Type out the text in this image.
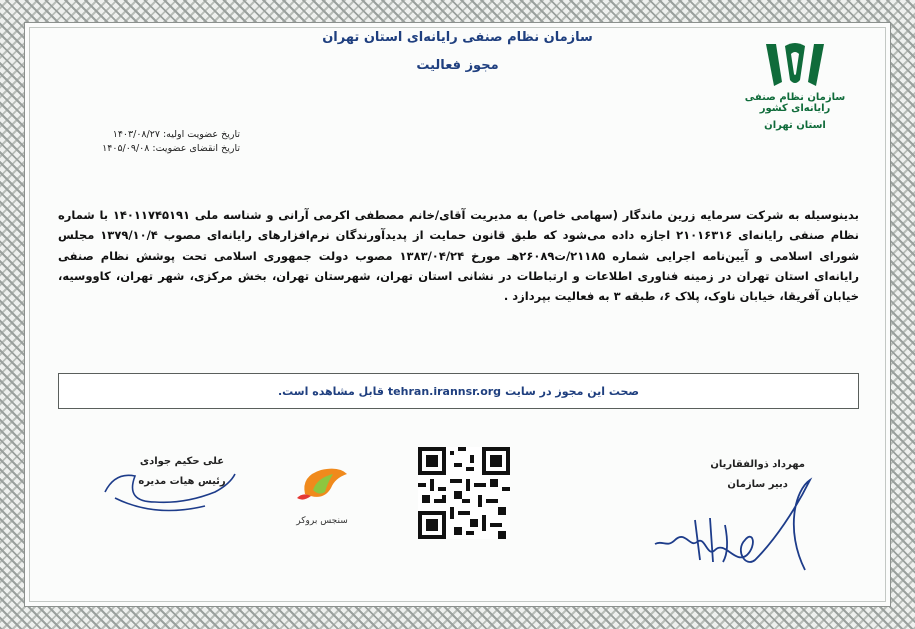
سازمان نظام صنفی رایانه‌ای استان تهران
مجوز فعالیت
سازمان نظام صنفی رایانه‌ای کشور
استان تهران
تاریخ عضویت اولیه: ۱۴۰۳/۰۸/۲۷
تاریخ انقضای عضویت: ۱۴۰۵/۰۹/۰۸
بدینوسیله به شرکت سرمایه زرین ماندگار (سهامی خاص) به مدیریت آقای/خانم مصطفی اکرمی آرانی و شناسه ملی ۱۴۰۱۱۷۴۵۱۹۱ با شماره نظام صنفی رایانه‌ای ۲۱۰۱۶۳۱۶ اجازه داده می‌شود که طبق قانون حمایت از پدیدآورندگان نرم‌افزارهای رایانه‌ای مصوب ۱۳۷۹/۱۰/۴ مجلس شورای اسلامی و آیین‌نامه اجرایی شماره ۲۱۱۸۵/ت۲۶۰۸۹هـ مورخ ۱۳۸۳/۰۴/۲۴ مصوب دولت جمهوری اسلامی تحت پوشش نظام صنفی رایانه‌ای استان تهران در زمینه فناوری اطلاعات و ارتباطات در نشانی استان تهران، شهرستان تهران، بخش مرکزی، شهر تهران، کاووسیه، خیابان آفریقا، خیابان ناوک، پلاک ۶، طبقه ۳ به فعالیت بپردازد .
صحت این مجوز در سایت
tehran.irannsr.org
قابل مشاهده است.
مهرداد ذوالفقاریان
دبیر سازمان
سنجس بروکر
علی حکیم جوادی
رئیس هیات مدیره
